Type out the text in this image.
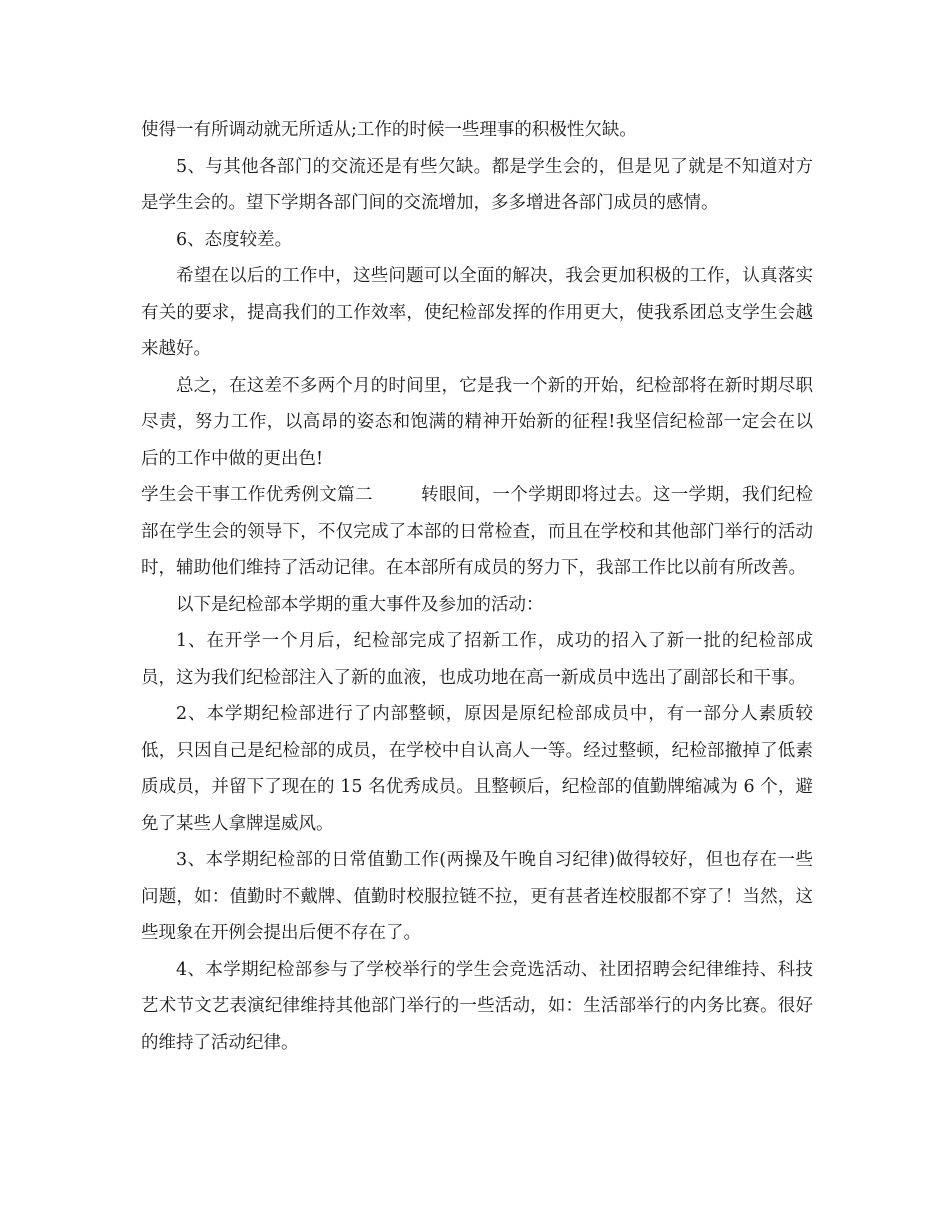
使得一有所调动就无所适从;工作的时候一些理事的积极性欠缺。

5、与其他各部门的交流还是有些欠缺。都是学生会的，但是见了就是不知道对方是学生会的。望下学期各部门间的交流增加，多多增进各部门成员的感情。

6、态度较差。

希望在以后的工作中，这些问题可以全面的解决，我会更加积极的工作，认真落实有关的要求，提高我们的工作效率，使纪检部发挥的作用更大，使我系团总支学生会越来越好。

总之，在这差不多两个月的时间里，它是我一个新的开始，纪检部将在新时期尽职尽责，努力工作，以高昂的姿态和饱满的精神开始新的征程!我坚信纪检部一定会在以后的工作中做的更出色!

学生会干事工作优秀例文篇二	转眼间，一个学期即将过去。这一学期，我们纪检部在学生会的领导下，不仅完成了本部的日常检查，而且在学校和其他部门举行的活动时，辅助他们维持了活动记律。在本部所有成员的努力下，我部工作比以前有所改善。

以下是纪检部本学期的重大事件及参加的活动：

1、在开学一个月后，纪检部完成了招新工作，成功的招入了新一批的纪检部成员，这为我们纪检部注入了新的血液，也成功地在高一新成员中选出了副部长和干事。

2、本学期纪检部进行了内部整顿，原因是原纪检部成员中，有一部分人素质较低，只因自己是纪检部的成员，在学校中自认高人一等。经过整顿，纪检部撤掉了低素质成员，并留下了现在的 15 名优秀成员。且整顿后，纪检部的值勤牌缩减为 6 个，避免了某些人拿牌逞威风。

3、本学期纪检部的日常值勤工作(两操及午晚自习纪律)做得较好，但也存在一些问题，如：值勤时不戴牌、值勤时校服拉链不拉，更有甚者连校服都不穿了！当然，这些现象在开例会提出后便不存在了。

4、本学期纪检部参与了学校举行的学生会竞选活动、社团招聘会纪律维持、科技艺术节文艺表演纪律维持其他部门举行的一些活动，如：生活部举行的内务比赛。很好的维持了活动纪律。
